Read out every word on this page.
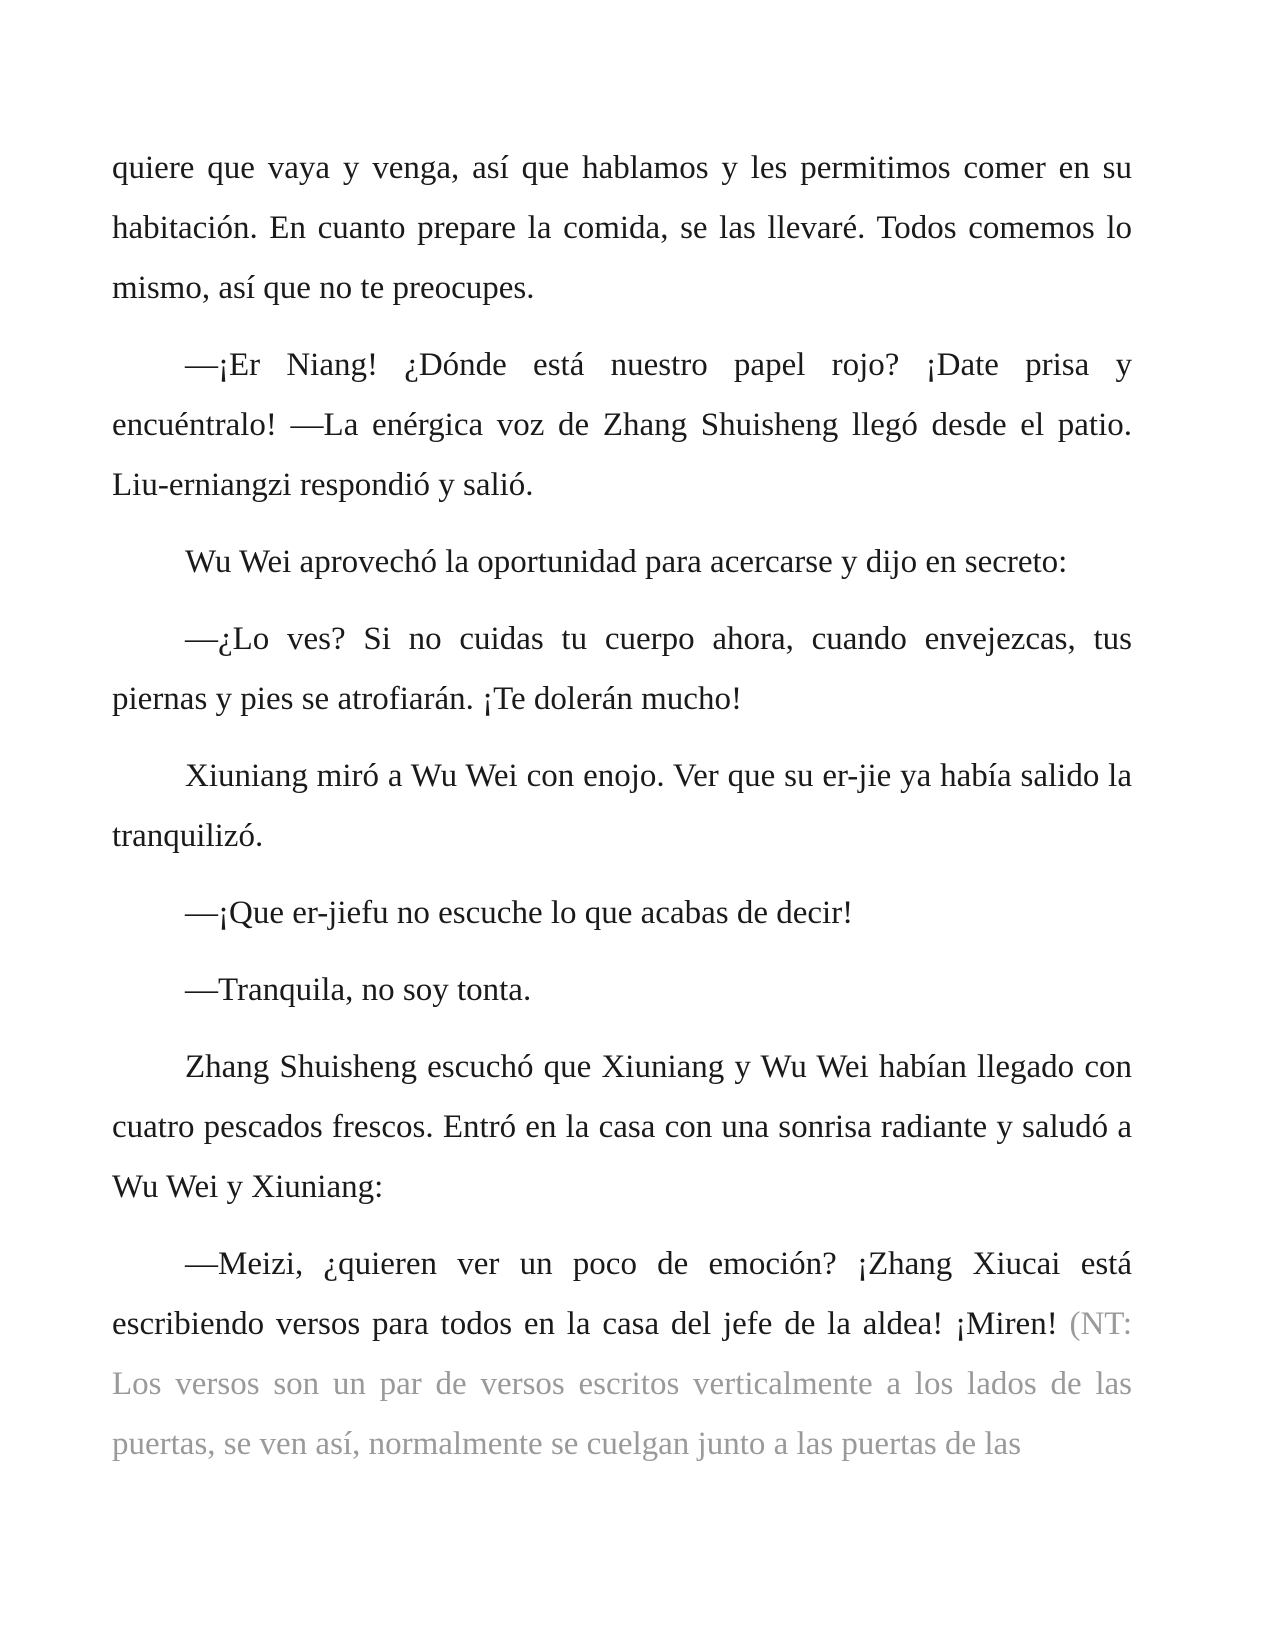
quiere que vaya y venga, así que hablamos y les permitimos comer en su habitación. En cuanto prepare la comida, se las llevaré. Todos comemos lo mismo, así que no te preocupes.

—¡Er Niang! ¿Dónde está nuestro papel rojo? ¡Date prisa y encuéntralo! —La enérgica voz de Zhang Shuisheng llegó desde el patio. Liu-erniangzi respondió y salió.

Wu Wei aprovechó la oportunidad para acercarse y dijo en secreto:

—¿Lo ves? Si no cuidas tu cuerpo ahora, cuando envejezcas, tus piernas y pies se atrofiarán. ¡Te dolerán mucho!

Xiuniang miró a Wu Wei con enojo. Ver que su er-jie ya había salido la tranquilizó.

—¡Que er-jiefu no escuche lo que acabas de decir!

—Tranquila, no soy tonta.

Zhang Shuisheng escuchó que Xiuniang y Wu Wei habían llegado con cuatro pescados frescos. Entró en la casa con una sonrisa radiante y saludó a Wu Wei y Xiuniang:

—Meizi, ¿quieren ver un poco de emoción? ¡Zhang Xiucai está escribiendo versos para todos en la casa del jefe de la aldea! ¡Miren! (NT: Los versos son un par de versos escritos verticalmente a los lados de las puertas, se ven así, normalmente se cuelgan junto a las puertas de las
